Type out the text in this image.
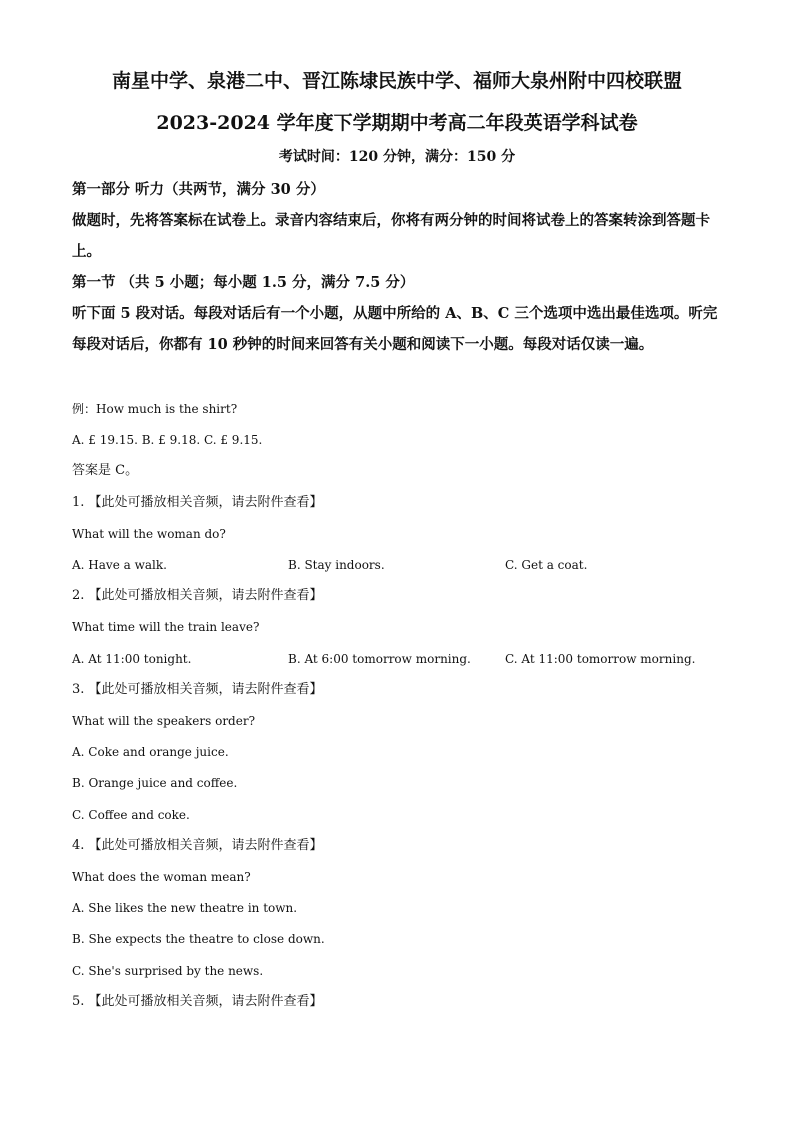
南星中学、泉港二中、晋江陈埭民族中学、福师大泉州附中四校联盟
2023-2024 学年度下学期期中考高二年段英语学科试卷
考试时间：120 分钟，满分：150 分
第一部分 听力（共两节，满分 30 分）
做题时，先将答案标在试卷上。录音内容结束后，你将有两分钟的时间将试卷上的答案转涂到答题卡上。
第一节 （共 5 小题；每小题 1.5 分，满分 7.5 分）
听下面 5 段对话。每段对话后有一个小题，从题中所给的 A、B、C 三个选项中选出最佳选项。听完每段对话后，你都有 10 秒钟的时间来回答有关小题和阅读下一小题。每段对话仅读一遍。
例：How much is the shirt?
A. £ 19.15. B. £ 9.18. C. £ 9.15.
答案是 C。
1. 【此处可播放相关音频，请去附件查看】
What will the woman do?
A. Have a walk.	B. Stay indoors.	C. Get a coat.
2. 【此处可播放相关音频，请去附件查看】
What time will the train leave?
A. At 11:00 tonight.	B. At 6:00 tomorrow morning.	C. At 11:00 tomorrow morning.
3. 【此处可播放相关音频，请去附件查看】
What will the speakers order?
A. Coke and orange juice.
B. Orange juice and coffee.
C. Coffee and coke.
4. 【此处可播放相关音频，请去附件查看】
What does the woman mean?
A. She likes the new theatre in town.
B. She expects the theatre to close down.
C. She's surprised by the news.
5. 【此处可播放相关音频，请去附件查看】
